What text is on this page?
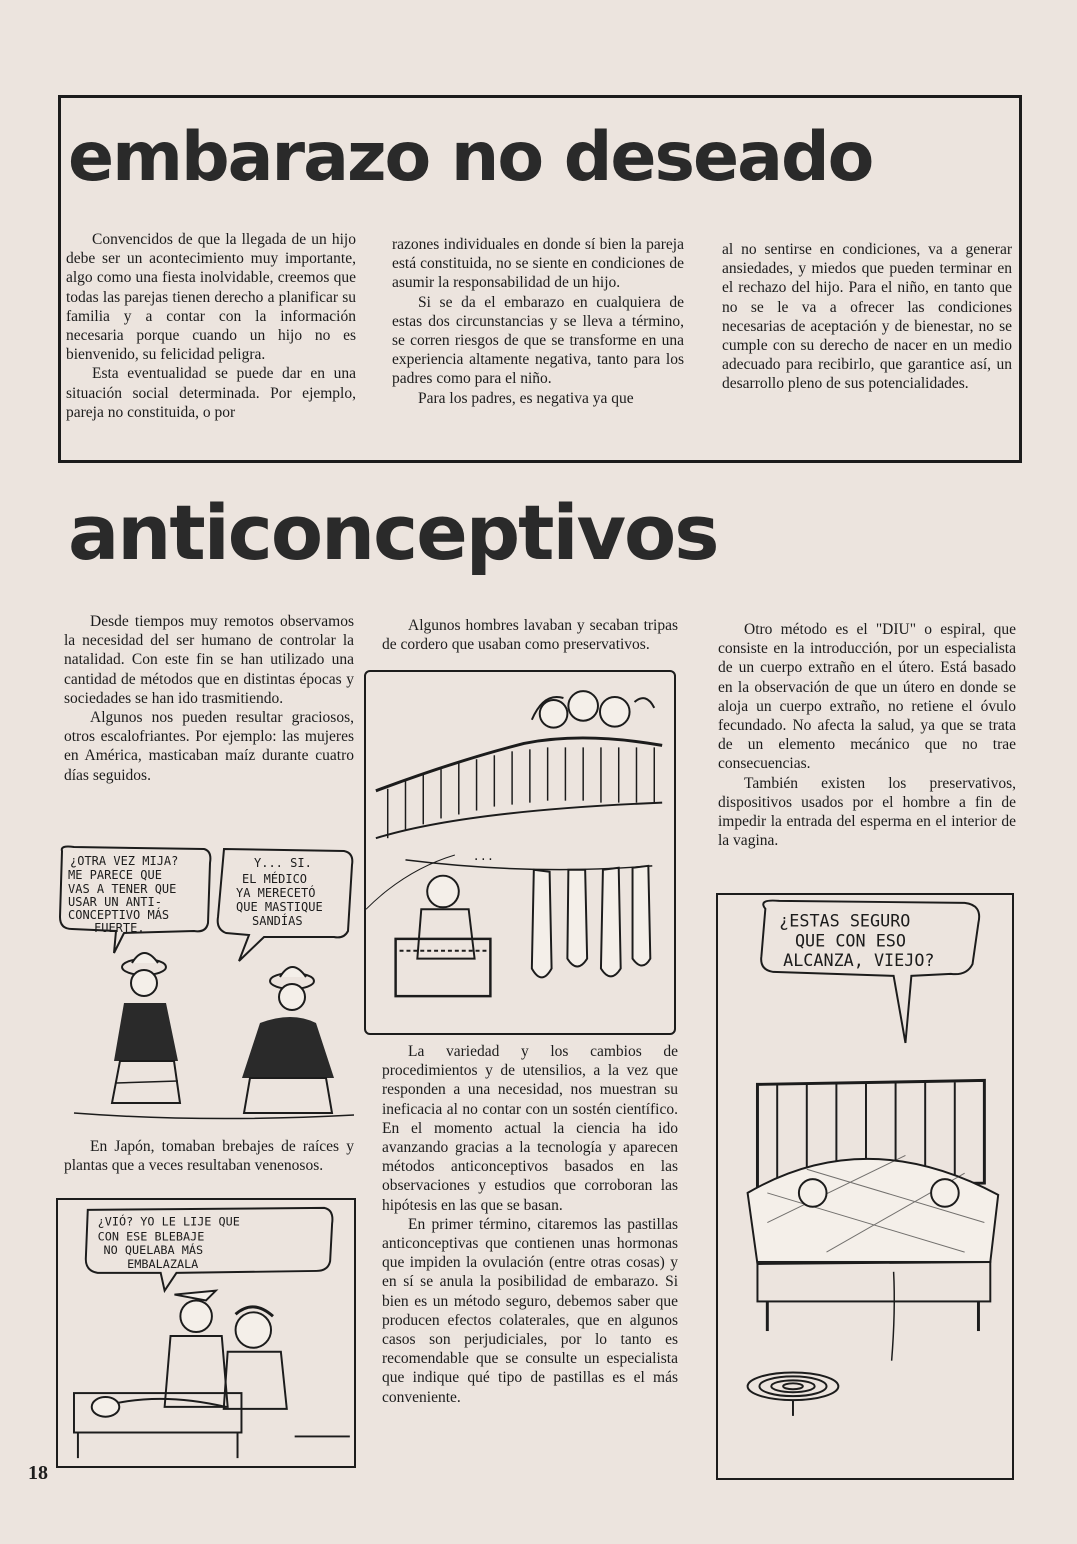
embarazo no deseado

Convencidos de que la llegada de un hijo debe ser un acontecimiento muy importante, algo como una fiesta inolvidable, creemos que todas las parejas tienen derecho a planificar su familia y a contar con la información necesaria porque cuando un hijo no es bienvenido, su felicidad peligra.

Esta eventualidad se puede dar en una situación social determinada. Por ejemplo, pareja no constituida, o por

razones individuales en donde sí bien la pareja está constituida, no se siente en condiciones de asumir la responsabilidad de un hijo.

Si se da el embarazo en cualquiera de estas dos circunstancias y se lleva a término, se corren riesgos de que se transforme en una experiencia altamente negativa, tanto para los padres como para el niño.

Para los padres, es negativa ya que

al no sentirse en condiciones, va a generar ansiedades, y miedos que pueden terminar en el rechazo del hijo. Para el niño, en tanto que no se le va a ofrecer las condiciones necesarias de aceptación y de bienestar, no se cumple con su derecho de nacer en un medio adecuado para recibirlo, que garantice así, un desarrollo pleno de sus potencialidades.

anticonceptivos

Desde tiempos muy remotos observamos la necesidad del ser humano de controlar la natalidad. Con este fin se han utilizado una cantidad de métodos que en distintas épocas y sociedades se han ido trasmitiendo.

Algunos nos pueden resultar graciosos, otros escalofriantes. Por ejemplo: las mujeres en América, masticaban maíz durante cuatro días seguidos.

¿OTRA VEZ MIJA?
ME PARECE QUE
VAS A TENER QUE
USAR UN ANTI-
CONCEPTIVO MÁS
FUERTE.
Y... SI.
EL MÉDICO
YA MERECETÓ
QUE MASTIQUE
SANDÍAS

En Japón, tomaban brebajes de raíces y plantas que a veces resultaban venenosos.

¿VIÓ? YO LE LIJE QUE
CON ESE BLEBAJE
NO QUELABA MÁS
EMBALAZALA

Algunos hombres lavaban y secaban tripas de cordero que usaban como preservativos.

...

La variedad y los cambios de procedimientos y de utensilios, a la vez que responden a una necesidad, nos muestran su ineficacia al no contar con un sostén científico. En el momento actual la ciencia ha ido avanzando gracias a la tecnología y aparecen métodos anticonceptivos basados en las observaciones y estudios que corroboran las hipótesis en las que se basan.

En primer término, citaremos las pastillas anticonceptivas que contienen unas hormonas que impiden la ovulación (entre otras cosas) y en sí se anula la posibilidad de embarazo. Si bien es un método seguro, debemos saber que producen efectos colaterales, que en algunos casos son perjudiciales, por lo tanto es recomendable que se consulte un especialista que indique qué tipo de pastillas es el más conveniente.

Otro método es el "DIU" o espiral, que consiste en la introducción, por un especialista de un cuerpo extraño en el útero. Está basado en la observación de que un útero en donde se aloja un cuerpo extraño, no retiene el óvulo fecundado. No afecta la salud, ya que se trata de un elemento mecánico que no trae consecuencias.

También existen los preservativos, dispositivos usados por el hombre a fin de impedir la entrada del esperma en el interior de la vagina.

¿ESTAS SEGURO
QUE CON ESO
ALCANZA, VIEJO?
18
